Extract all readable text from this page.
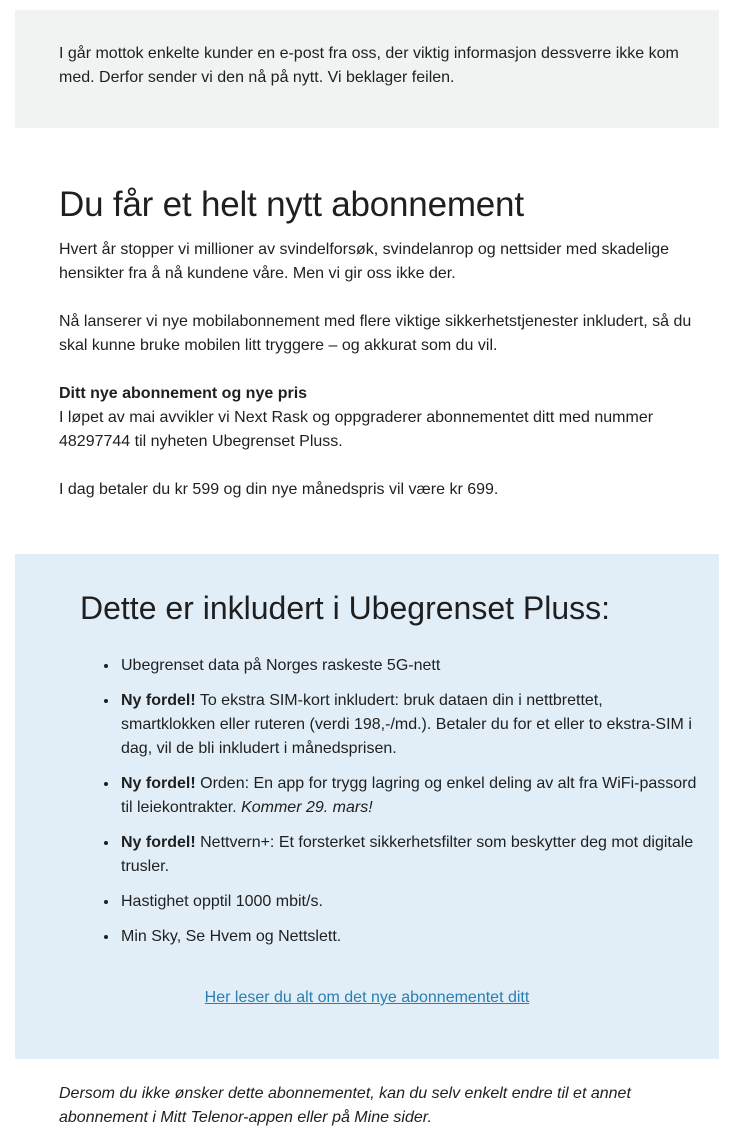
I går mottok enkelte kunder en e-post fra oss, der viktig informasjon dessverre ikke kom med. Derfor sender vi den nå på nytt. Vi beklager feilen.

Du får et helt nytt abonnement

Hvert år stopper vi millioner av svindelforsøk, svindelanrop og nettsider med skadelige hensikter fra å nå kundene våre. Men vi gir oss ikke der.

Nå lanserer vi nye mobilabonnement med flere viktige sikkerhetstjenester inkludert, så du skal kunne bruke mobilen litt tryggere – og akkurat som du vil.

Ditt nye abonnement og nye pris
I løpet av mai avvikler vi Next Rask og oppgraderer abonnementet ditt med nummer 48297744 til nyheten Ubegrenset Pluss.

I dag betaler du kr 599 og din nye månedspris vil være kr 699.

Dette er inkludert i Ubegrenset Pluss:
• Ubegrenset data på Norges raskeste 5G-nett
• Ny fordel! To ekstra SIM-kort inkludert: bruk dataen din i nettbrettet, smartklokken eller ruteren (verdi 198,-/md.). Betaler du for et eller to ekstra-SIM i dag, vil de bli inkludert i månedsprisen.
• Ny fordel! Orden: En app for trygg lagring og enkel deling av alt fra WiFi-passord til leiekontrakter. Kommer 29. mars!
• Ny fordel! Nettvern+: Et forsterket sikkerhetsfilter som beskytter deg mot digitale trusler.
• Hastighet opptil 1000 mbit/s.
• Min Sky, Se Hvem og Nettslett.
Her leser du alt om det nye abonnementet ditt

Dersom du ikke ønsker dette abonnementet, kan du selv enkelt endre til et annet abonnement i Mitt Telenor-appen eller på Mine sider.
